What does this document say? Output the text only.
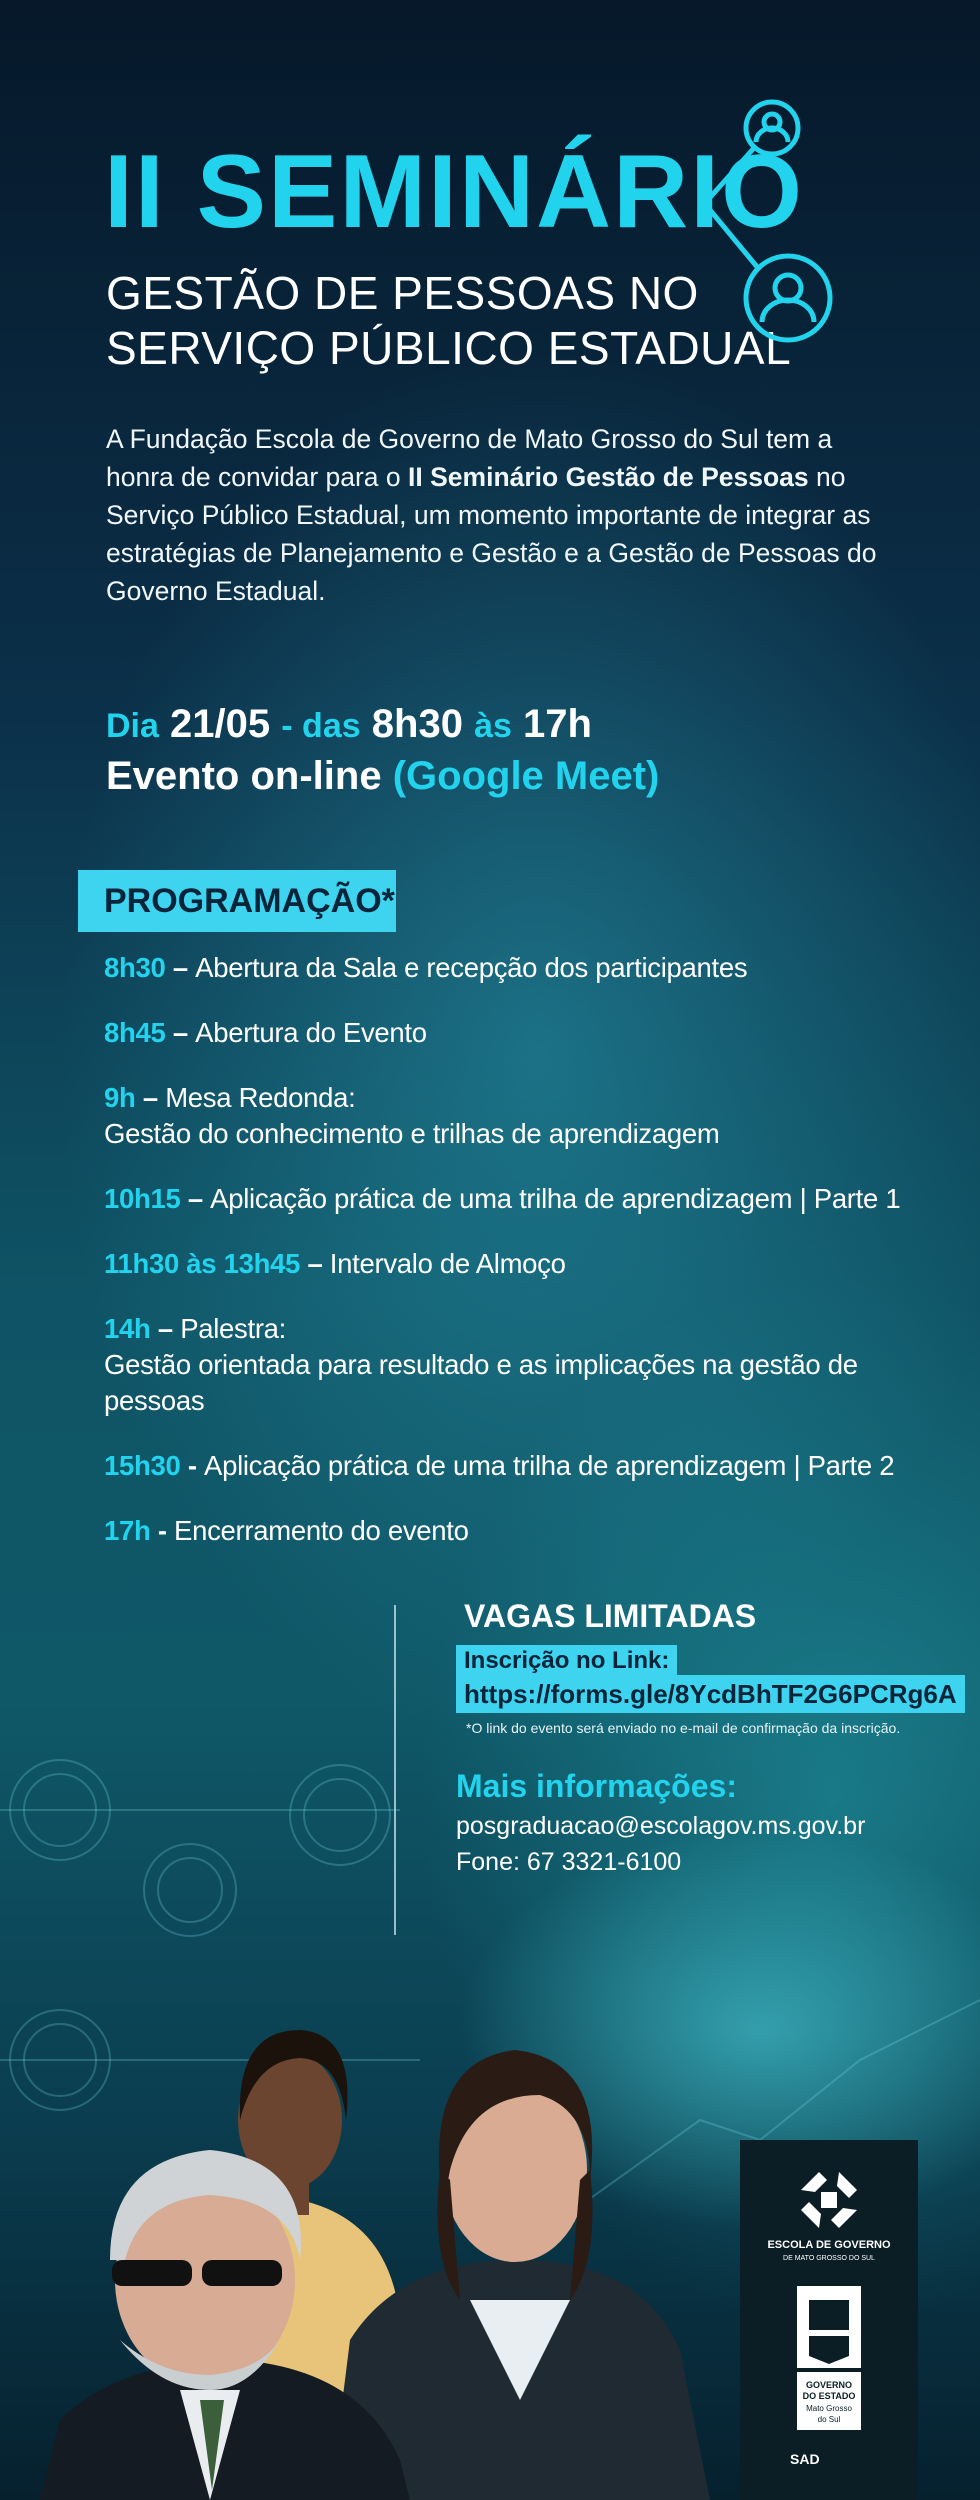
II SEMINÁRIO
GESTÃO DE PESSOAS NO
SERVIÇO PÚBLICO ESTADUAL
A Fundação Escola de Governo de Mato Grosso do Sul tem a honra de convidar para o II Seminário Gestão de Pessoas no Serviço Público Estadual, um momento importante de integrar as estratégias de Planejamento e Gestão e a Gestão de Pessoas do Governo Estadual.
Dia 21/05 - das 8h30 às 17h
Evento on-line (Google Meet)
PROGRAMAÇÃO*
8h30 – Abertura da Sala e recepção dos participantes
8h45 – Abertura do Evento
9h – Mesa Redonda:
Gestão do conhecimento e trilhas de aprendizagem
10h15 – Aplicação prática de uma trilha de aprendizagem | Parte 1
11h30 às 13h45 – Intervalo de Almoço
14h – Palestra:
Gestão orientada para resultado e as implicações na gestão de pessoas
15h30 - Aplicação prática de uma trilha de aprendizagem | Parte 2
17h - Encerramento do evento
VAGAS LIMITADAS
Inscrição no Link:
https://forms.gle/8YcdBhTF2G6PCRg6A
*O link do evento será enviado no e-mail de confirmação da inscrição.
Mais informações:
posgraduacao@escolagov.ms.gov.br
Fone: 67 3321-6100
ESCOLA DE GOVERNO
DE MATO GROSSO DO SUL
GOVERNO
DO ESTADO
Mato Grosso
do Sul
SAD
